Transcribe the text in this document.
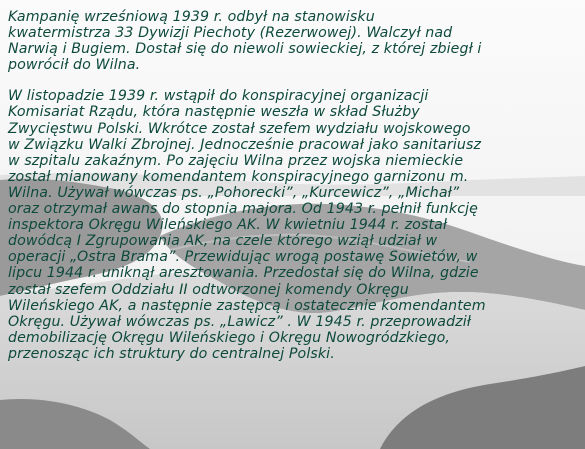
Kampanię wrześniową 1939 r. odbył na stanowisku
kwatermistrza 33 Dywizji Piechoty (Rezerwowej). Walczył nad
Narwią i Bugiem. Dostał się do niewoli sowieckiej, z której zbiegł i
powrócił do Wilna.

W listopadzie 1939 r. wstąpił do konspiracyjnej organizacji
Komisariat Rządu, która następnie weszła w skład Służby
Zwycięstwu Polski. Wkrótce został szefem wydziału wojskowego
w Związku Walki Zbrojnej. Jednocześnie pracował jako sanitariusz
w szpitalu zakaźnym. Po zajęciu Wilna przez wojska niemieckie
został mianowany komendantem konspiracyjnego garnizonu m.
Wilna. Używał wówczas ps. „Pohorecki”, „Kurcewicz”, „Michał”
oraz otrzymał awans do stopnia majora. Od 1943 r. pełnił funkcję
inspektora Okręgu Wileńskiego AK. W kwietniu 1944 r. został
dowódcą I Zgrupowania AK, na czele którego wziął udział w
operacji „Ostra Brama”. Przewidując wrogą postawę Sowietów, w
lipcu 1944 r. uniknął aresztowania. Przedostał się do Wilna, gdzie
został szefem Oddziału II odtworzonej komendy Okręgu
Wileńskiego AK, a następnie zastępcą i ostatecznie komendantem
Okręgu. Używał wówczas ps. „Lawicz” . W 1945 r. przeprowadził
demobilizację Okręgu Wileńskiego i Okręgu Nowogródzkiego,
przenosząc ich struktury do centralnej Polski.
